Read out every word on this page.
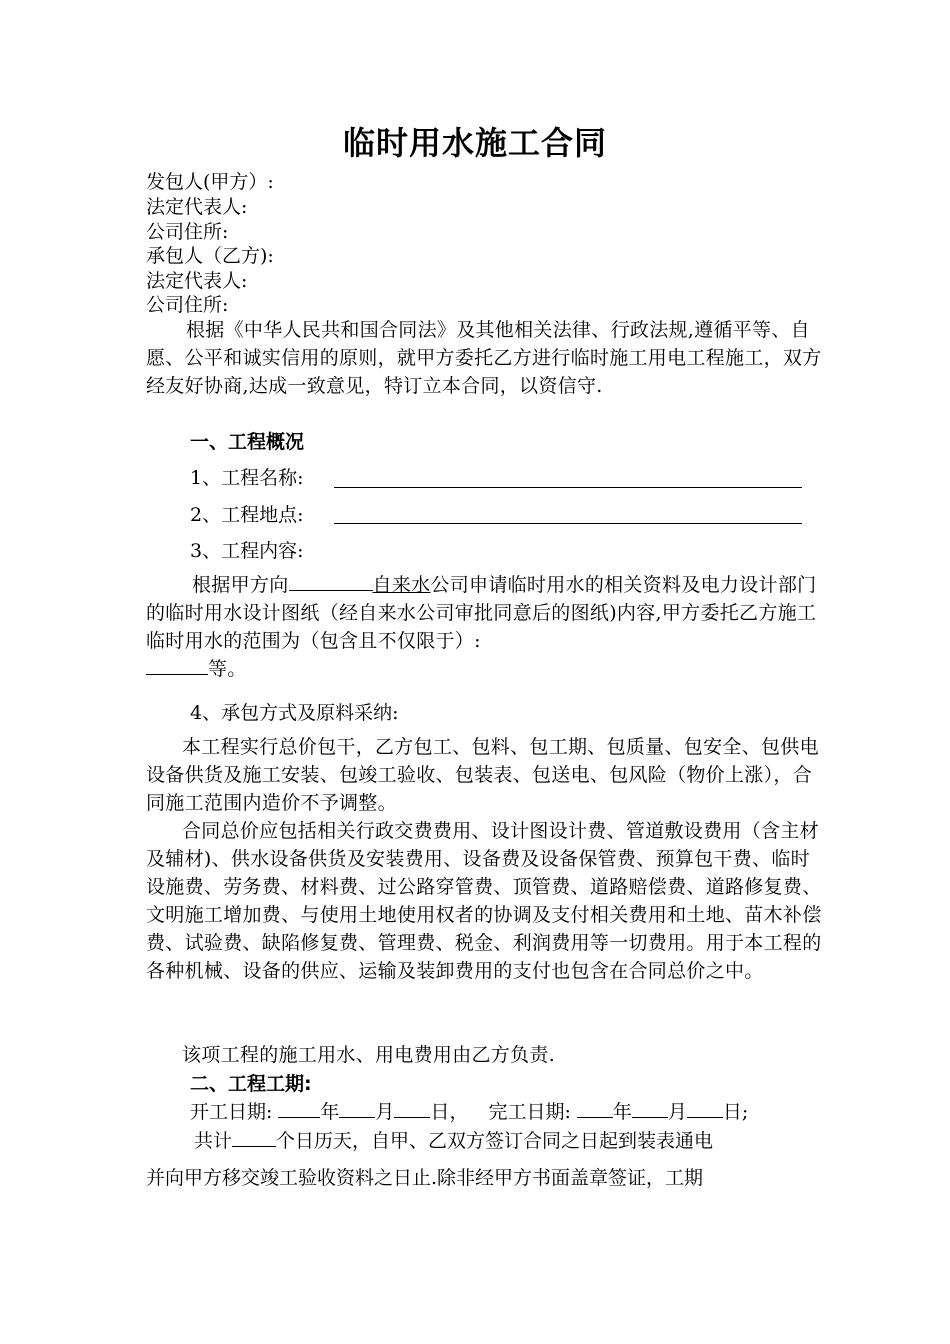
临时用水施工合同
发包人(甲方）:
法定代表人:
公司住所:
承包人（乙方):
法定代表人:
公司住所:
根据《中华人民共和国合同法》及其他相关法律、行政法规,遵循平等、自愿、公平和诚实信用的原则，就甲方委托乙方进行临时施工用电工程施工，双方经友好协商,达成一致意见，特订立本合同，以资信守.
一、工程概况
1、工程名称:
2、工程地点:
3、工程内容:
根据甲方向	自来水公司申请临时用水的相关资料及电力设计部门的临时用水设计图纸（经自来水公司审批同意后的图纸)内容,甲方委托乙方施工临时用水的范围为（包含且不仅限于）:
等。
4、承包方式及原料采纳:
本工程实行总价包干，乙方包工、包料、包工期、包质量、包安全、包供电设备供货及施工安装、包竣工验收、包装表、包送电、包风险（物价上涨），合同施工范围内造价不予调整。
合同总价应包括相关行政交费费用、设计图设计费、管道敷设费用（含主材及辅材)、供水设备供货及安装费用、设备费及设备保管费、预算包干费、临时设施费、劳务费、材料费、过公路穿管费、顶管费、道路赔偿费、道路修复费、文明施工增加费、与使用土地使用权者的协调及支付相关费用和土地、苗木补偿费、试验费、缺陷修复费、管理费、税金、利润费用等一切费用。用于本工程的各种机械、设备的供应、运输及装卸费用的支付也包含在合同总价之中。
该项工程的施工用水、用电费用由乙方负责.
二、工程工期:
开工日期:	年 月 日， 完工日期: 年 月 日;
共计 个日历天，自甲、乙双方签订合同之日起到装表通电
并向甲方移交竣工验收资料之日止.除非经甲方书面盖章签证，工期
